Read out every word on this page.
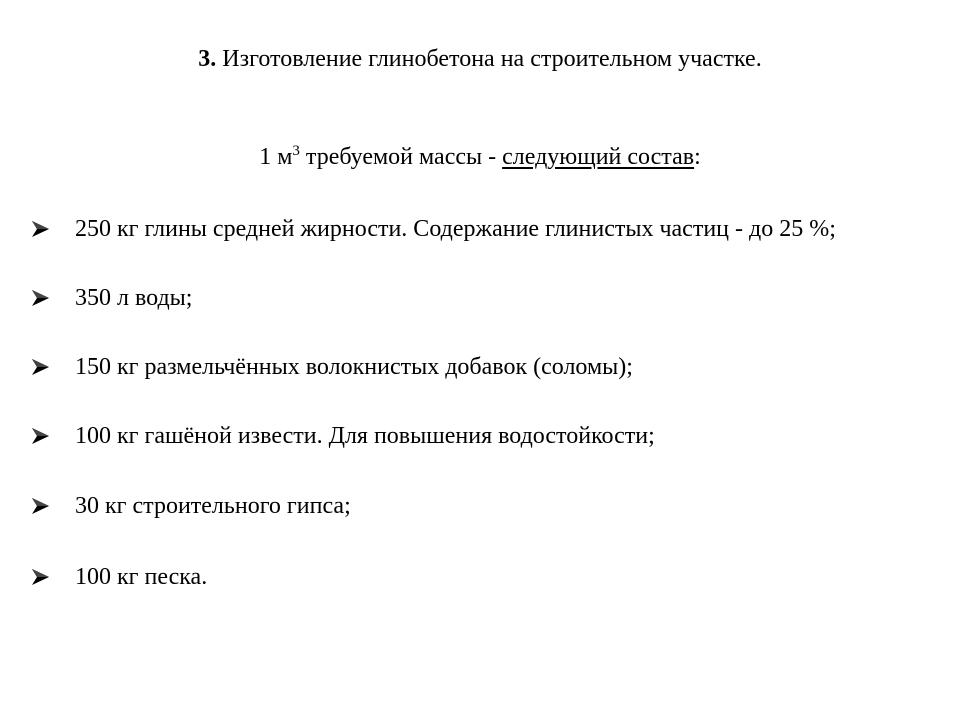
3. Изготовление глинобетона на строительном участке.
1 $м^3$ требуемой массы - следующий состав:
250 кг глины средней жирности. Содержание глинистых частиц - до 25 %;
350 л воды;
150 кг размельчённых волокнистых добавок (соломы);
100 кг гашёной извести. Для повышения водостойкости;
30 кг строительного гипса;
100 кг песка.
